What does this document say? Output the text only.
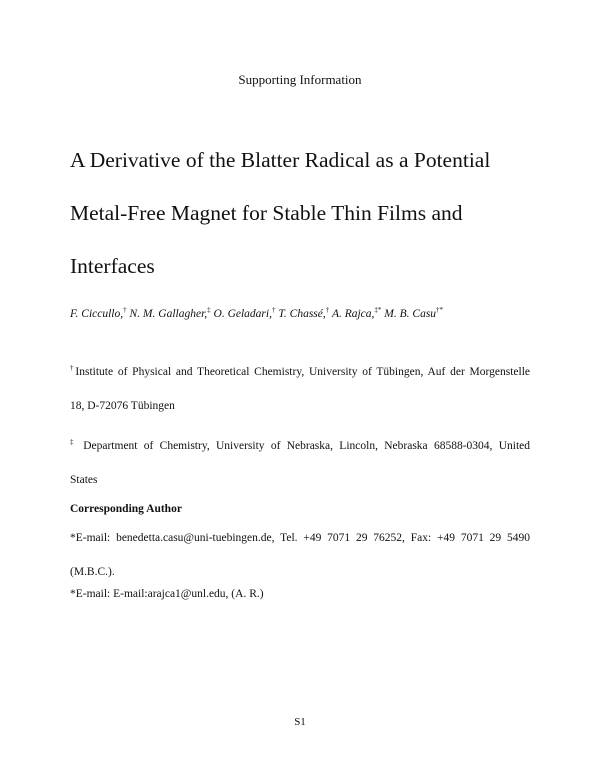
Supporting Information
A Derivative of the Blatter Radical as a Potential
Metal-Free Magnet for Stable Thin Films and
Interfaces
F. Ciccullo,† N. M. Gallagher,‡ O. Geladari,† T. Chassé,† A. Rajca,‡* M. B. Casu†*
†Institute of Physical and Theoretical Chemistry, University of Tübingen, Auf der Morgenstelle
18, D-72076 Tübingen
‡ Department of Chemistry, University of Nebraska, Lincoln, Nebraska 68588-0304, United
States
Corresponding Author
*E-mail: benedetta.casu@uni-tuebingen.de, Tel. +49 7071 29 76252, Fax: +49 7071 29 5490
(M.B.C.).
*E-mail: E-mail:arajca1@unl.edu, (A. R.)
S1
